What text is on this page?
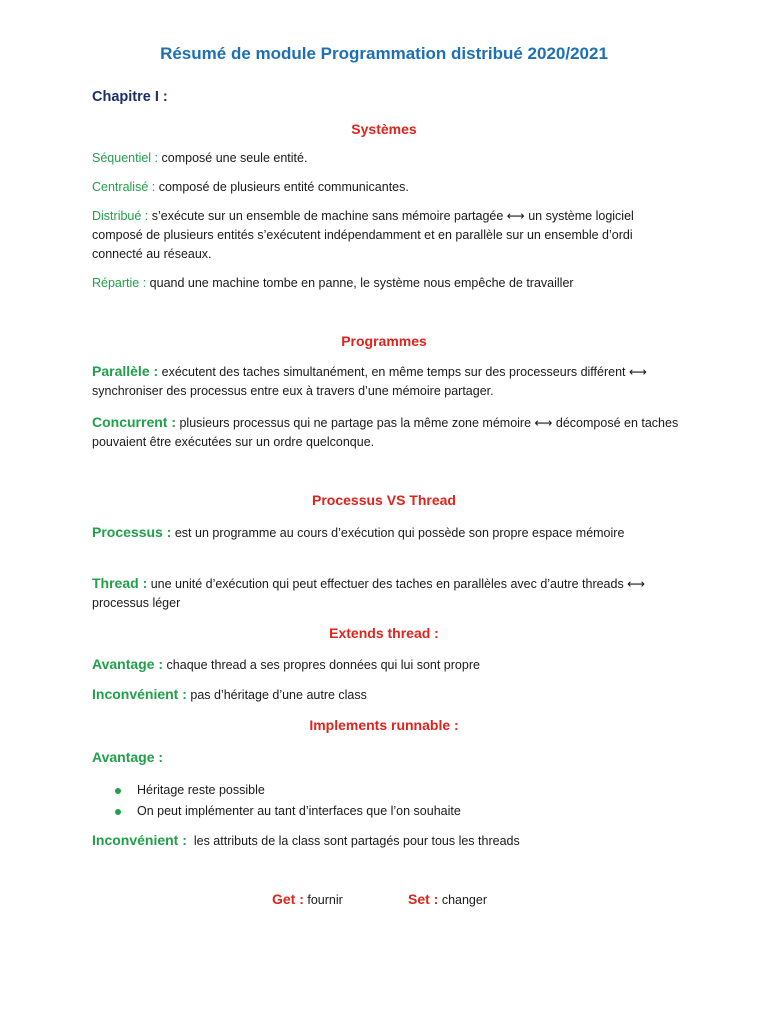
Résumé de module Programmation distribué 2020/2021
Chapitre I :
Systèmes
Séquentiel : composé une seule entité.
Centralisé : composé de plusieurs entité communicantes.
Distribué : s’exécute sur un ensemble de machine sans mémoire partagée ⟷ un système logiciel composé de plusieurs entités s’exécutent indépendamment et en parallèle sur un ensemble d’ordi connecté au réseaux.
Répartie : quand une machine tombe en panne, le système nous empêche de travailler
Programmes
Parallèle : exécutent des taches simultanément, en même temps sur des processeurs différent ⟷ synchroniser des processus entre eux à travers d’une mémoire partager.
Concurrent : plusieurs processus qui ne partage pas la même zone mémoire ⟷ décomposé en taches pouvaient être exécutées sur un ordre quelconque.
Processus VS Thread
Processus : est un programme au cours d’exécution qui possède son propre espace mémoire
Thread : une unité d’exécution qui peut effectuer des taches en parallèles avec d’autre threads ⟷ processus léger
Extends thread :
Avantage : chaque thread a ses propres données qui lui sont propre
Inconvénient : pas d’héritage d’une autre class
Implements runnable :
Avantage :
Héritage reste possible
On peut implémenter au tant d’interfaces que l’on souhaite
Inconvénient :  les attributs de la class sont partagés pour tous les threads
Get : fournir	Set : changer
